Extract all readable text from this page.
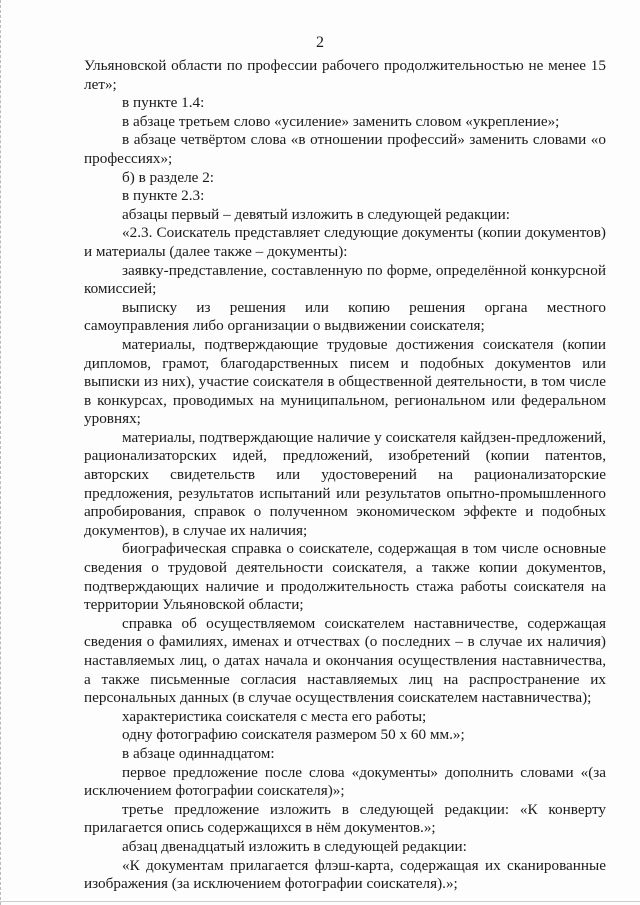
2

Ульяновской области по профессии рабочего продолжительностью не менее 15 лет»;

в пункте 1.4:

в абзаце третьем слово «усиление» заменить словом «укрепление»;

в абзаце четвёртом слова «в отношении профессий» заменить словами «о профессиях»;

б) в разделе 2:

в пункте 2.3:

абзацы первый – девятый изложить в следующей редакции:

«2.3. Соискатель представляет следующие документы (копии документов) и материалы (далее также – документы):

заявку-представление, составленную по форме, определённой конкурсной комиссией;

выписку из решения или копию решения органа местного самоуправления либо организации о выдвижении соискателя;

материалы, подтверждающие трудовые достижения соискателя (копии дипломов, грамот, благодарственных писем и подобных документов или выписки из них), участие соискателя в общественной деятельности, в том числе в конкурсах, проводимых на муниципальном, региональном или федеральном уровнях;

материалы, подтверждающие наличие у соискателя кайдзен-предложений, рационализаторских идей, предложений, изобретений (копии патентов, авторских свидетельств или удостоверений на рационализаторские предложения, результатов испытаний или результатов опытно-промышленного апробирования, справок о полученном экономическом эффекте и подобных документов), в случае их наличия;

биографическая справка о соискателе, содержащая в том числе основные сведения о трудовой деятельности соискателя, а также копии документов, подтверждающих наличие и продолжительность стажа работы соискателя на территории Ульяновской области;

справка об осуществляемом соискателем наставничестве, содержащая сведения о фамилиях, именах и отчествах (о последних – в случае их наличия) наставляемых лиц, о датах начала и окончания осуществления наставничества, а также письменные согласия наставляемых лиц на распространение их персональных данных (в случае осуществления соискателем наставничества);

характеристика соискателя с места его работы;

одну фотографию соискателя размером 50 х 60 мм.»;

в абзаце одиннадцатом:

первое предложение после слова «документы» дополнить словами «(за исключением фотографии соискателя)»;

третье предложение изложить в следующей редакции: «К конверту прилагается опись содержащихся в нём документов.»;

абзац двенадцатый изложить в следующей редакции:

«К документам прилагается флэш-карта, содержащая их сканированные изображения (за исключением фотографии соискателя).»;
